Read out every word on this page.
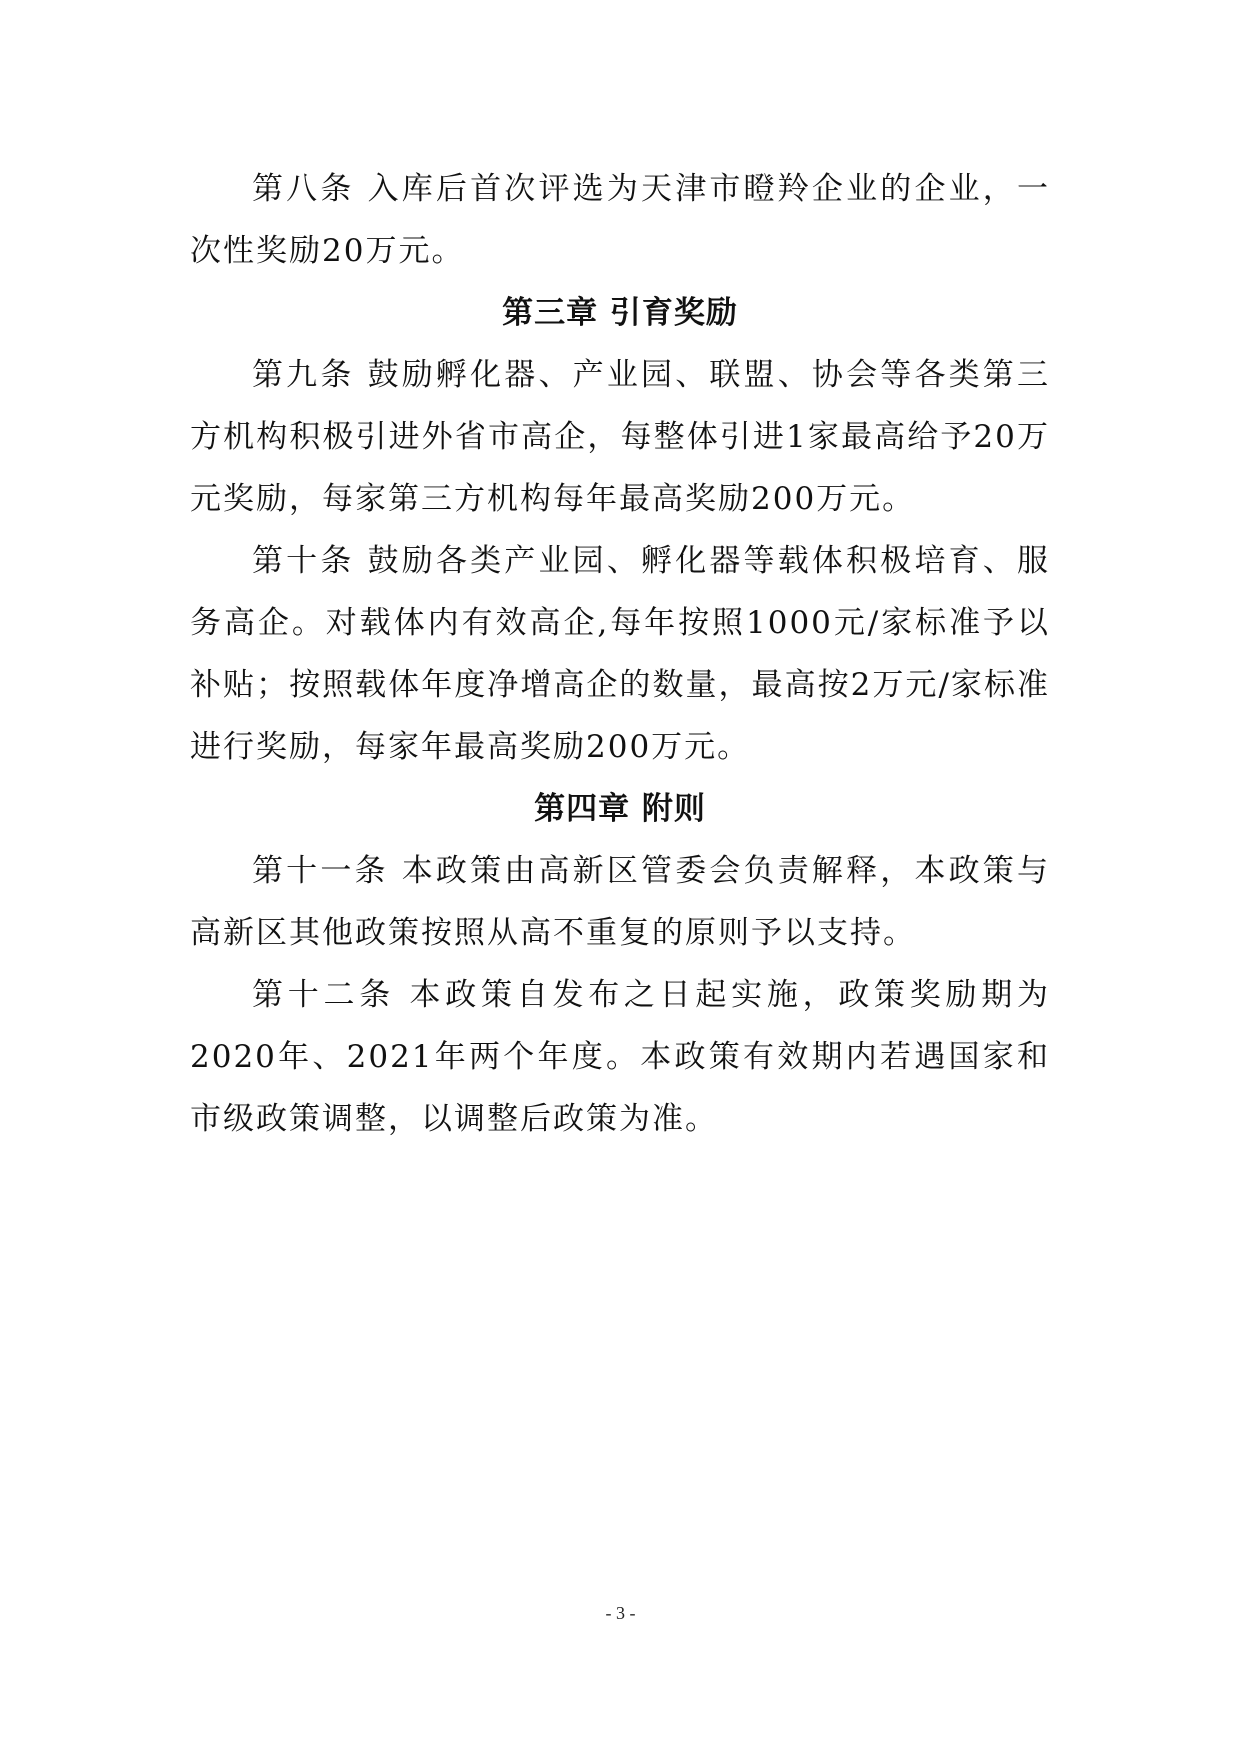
第八条 入库后首次评选为天津市瞪羚企业的企业，一次性奖励20万元。

第三章 引育奖励

第九条 鼓励孵化器、产业园、联盟、协会等各类第三方机构积极引进外省市高企，每整体引进1家最高给予20万元奖励，每家第三方机构每年最高奖励200万元。

第十条 鼓励各类产业园、孵化器等载体积极培育、服务高企。对载体内有效高企,每年按照1000元/家标准予以补贴；按照载体年度净增高企的数量，最高按2万元/家标准进行奖励，每家年最高奖励200万元。

第四章 附则

第十一条 本政策由高新区管委会负责解释，本政策与高新区其他政策按照从高不重复的原则予以支持。

第十二条 本政策自发布之日起实施，政策奖励期为2020年、2021年两个年度。本政策有效期内若遇国家和市级政策调整，以调整后政策为准。

- 3 -
